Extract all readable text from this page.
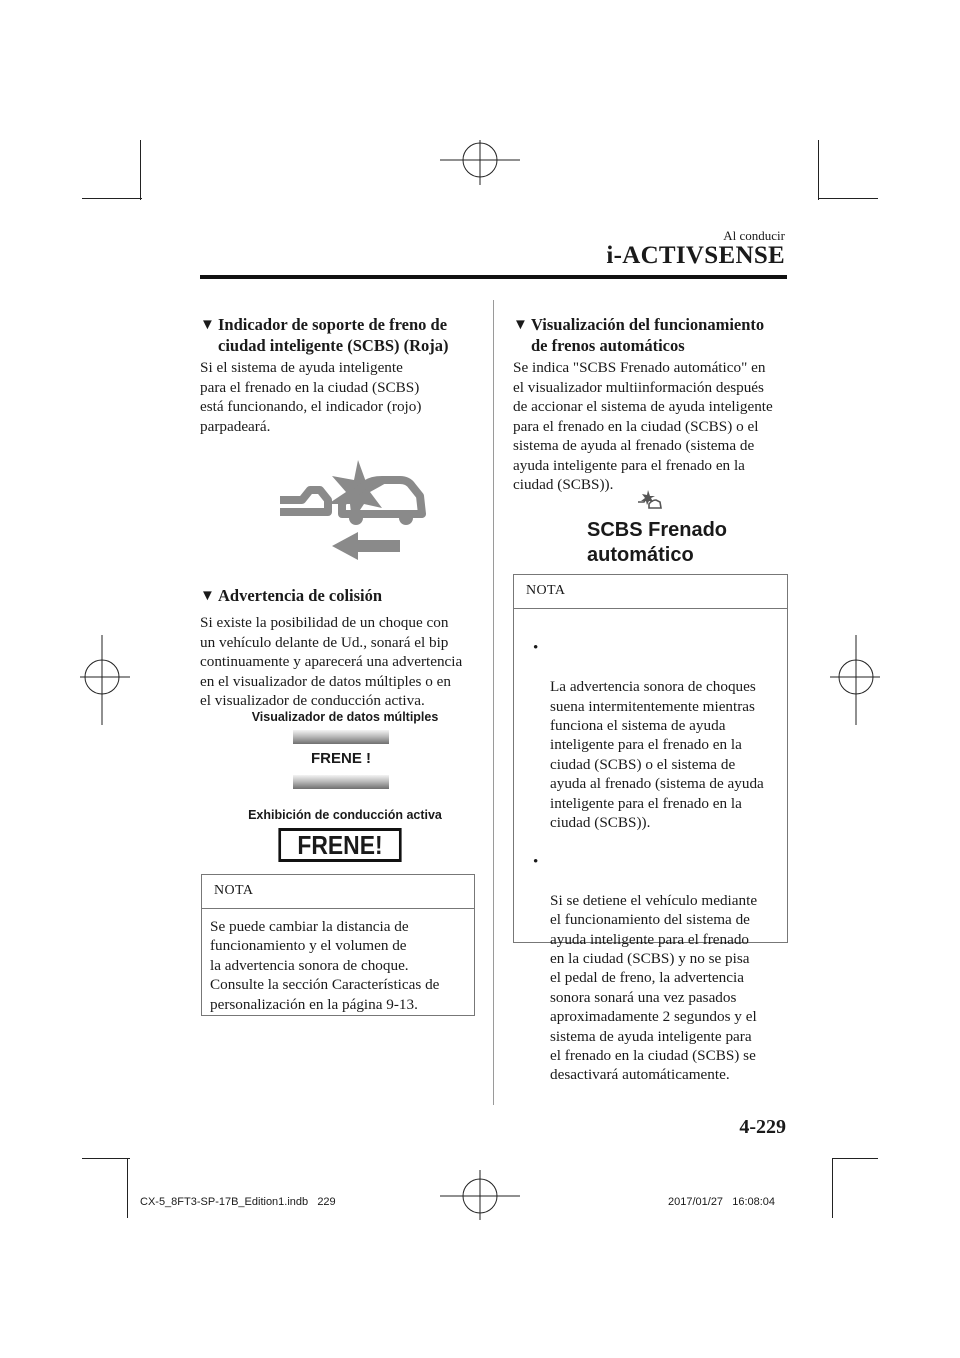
Al conducir
i-ACTIVSENSE
▼ Indicador de soporte de freno de
ciudad inteligente (SCBS) (Roja)
Si el sistema de ayuda inteligente
para el frenado en la ciudad (SCBS)
está funcionando, el indicador (rojo)
parpadeará.
▼ Advertencia de colisión
Si existe la posibilidad de un choque con
un vehículo delante de Ud., sonará el bip
continuamente y aparecerá una advertencia
en el visualizador de datos múltiples o en
el visualizador de conducción activa.
Visualizador de datos múltiples
FRENE !
Exhibición de conducción activa
FRENE!
NOTA
Se puede cambiar la distancia de
funcionamiento y el volumen de
la advertencia sonora de choque.
Consulte la sección Características de
personalización en la página 9-13.
▼ Visualización del funcionamiento
de frenos automáticos
Se indica "SCBS Frenado automático" en
el visualizador multiinformación después
de accionar el sistema de ayuda inteligente
para el frenado en la ciudad (SCBS) o el
sistema de ayuda al frenado (sistema de
ayuda inteligente para el frenado en la
ciudad (SCBS)).
SCBS Frenado
automático
NOTA

•

La advertencia sonora de choques
suena intermitentemente mientras
funciona el sistema de ayuda
inteligente para el frenado en la
ciudad (SCBS) o el sistema de
ayuda al frenado (sistema de ayuda
inteligente para el frenado en la
ciudad (SCBS)).

•

Si se detiene el vehículo mediante
el funcionamiento del sistema de
ayuda inteligente para el frenado
en la ciudad (SCBS) y no se pisa
el pedal de freno, la advertencia
sonora sonará una vez pasados
aproximadamente 2 segundos y el
sistema de ayuda inteligente para
el frenado en la ciudad (SCBS) se
desactivará automáticamente.

4-229
CX-5_8FT3-SP-17B_Edition1.indb   229	2017/01/27   16:08:04
